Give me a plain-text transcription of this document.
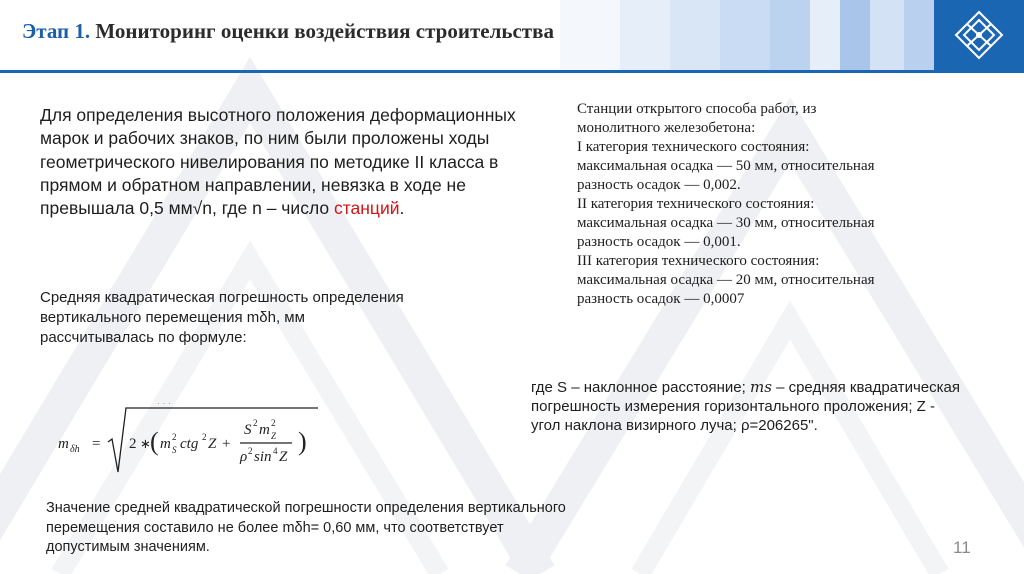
Этап 1. Мониторинг оценки воздействия строительства
Для определения высотного положения деформационных марок и рабочих знаков, по ним были проложены ходы геометрического нивелирования по методике II класса в прямом и обратном направлении, невязка в ходе не превышала 0,5 мм√n, где n – число станций.
Средняя квадратическая погрешность определения вертикального перемещения mδh, мм рассчитывалась по формуле:
· · ·
m δh = 2 ∗ ( m 2
S ctg 2 Z +
S 2 m 2
Z
ρ 2 sin 4 Z
)
Станции открытого способа работ, из
монолитного железобетона:
I категория технического состояния:
максимальная осадка — 50 мм, относительная
разность осадок — 0,002.
II категория технического состояния:
максимальная осадка — 30 мм, относительная
разность осадок — 0,001.
III категория технического состояния:
максимальная осадка — 20 мм, относительная
разность осадок — 0,0007
где S – наклонное расстояние; ms – средняя квадратическая
погрешность измерения горизонтального проложения; Z -
угол наклона визирного луча; ρ=206265".
Значение средней квадратической погрешности определения вертикального перемещения составило не более mδh= 0,60 мм, что соответствует допустимым значениям.	11
